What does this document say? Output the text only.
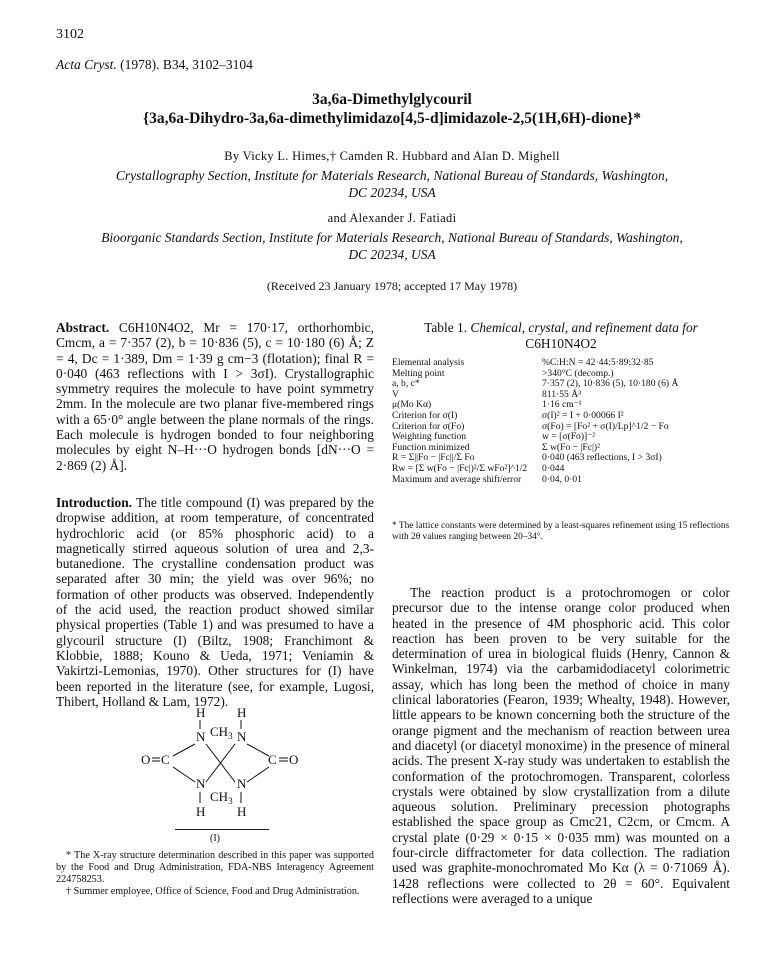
3102
Acta Cryst. (1978). B34, 3102–3104
3a,6a-Dimethylglycouril
{3a,6a-Dihydro-3a,6a-dimethylimidazo[4,5-d]imidazole-2,5(1H,6H)-dione}*
By Vicky L. Himes,† Camden R. Hubbard and Alan D. Mighell
Crystallography Section, Institute for Materials Research, National Bureau of Standards, Washington,
DC 20234, USA
and Alexander J. Fatiadi
Bioorganic Standards Section, Institute for Materials Research, National Bureau of Standards, Washington,
DC 20234, USA
(Received 23 January 1978; accepted 17 May 1978)

Abstract. C6H10N4O2, Mr = 170·17, orthorhombic, Cmcm, a = 7·357 (2), b = 10·836 (5), c = 10·180 (6) Å; Z = 4, Dc = 1·389, Dm = 1·39 g cm−3 (flotation); final R = 0·040 (463 reflections with I > 3σI). Crystallographic symmetry requires the molecule to have point symmetry 2mm. In the molecule are two planar five-membered rings with a 65·0° angle between the plane normals of the rings. Each molecule is hydrogen bonded to four neighboring molecules by eight N–H···O hydrogen bonds [dN···O = 2·869 (2) Å].

Introduction. The title compound (I) was prepared by the dropwise addition, at room temperature, of concentrated hydrochloric acid (or 85% phosphoric acid) to a magnetically stirred aqueous solution of urea and 2,3-butanedione. The crystalline condensation product was separated after 30 min; the yield was over 96%; no formation of other products was observed. Independently of the acid used, the reaction product showed similar physical properties (Table 1) and was presumed to have a glycouril structure (I) (Biltz, 1908; Franchimont & Klobbie, 1888; Kouno & Ueda, 1971; Veniamin & Vakirtzi-Lemonias, 1970). Other structures for (I) have been reported in the literature (see, for example, Lugosi, Thibert, Holland & Lam, 1972).

H H
N $CH_3$ N
O C	C O
N N
$CH_3$
H H
(I)
* The X-ray structure determination described in this paper was supported by the Food and Drug Administration, FDA-NBS Interagency Agreement 224758253.
† Summer employee, Office of Science, Food and Drug Administration.
Table 1. Chemical, crystal, and refinement data for
C6H10N4O2
Elemental analysis	%C:H:N = 42·44:5·89:32·85
Melting point	>340°C (decomp.)
a, b, c*	7·357 (2), 10·836 (5), 10·180 (6) Å
V	811·55 Å³
μ(Mo Kα)	1·16 cm⁻¹
Criterion for σ(I)	σ(I)² = I + 0·00066 I²
Criterion for σ(Fo)	σ(Fo) = [Fo² + σ(I)/Lp]^1/2 − Fo
Weighting function	w = [σ(Fo)]⁻²
Function minimized	Σ w(Fo − |Fc|)²
R = Σ||Fo − |Fc||/Σ Fo	0·040 (463 reflections, I > 3σI)
Rw = [Σ w(Fo − |Fc|)²/Σ wFo²]^1/2	0·044
Maximum and average shift/error	0·04, 0·01
* The lattice constants were determined by a least-squares refinement using 15 reflections with 2θ values ranging between 20–34°.

The reaction product is a protochromogen or color precursor due to the intense orange color produced when heated in the presence of 4M phosphoric acid. This color reaction has been proven to be very suitable for the determination of urea in biological fluids (Henry, Cannon & Winkelman, 1974) via the carbamidodiacetyl colorimetric assay, which has long been the method of choice in many clinical laboratories (Fearon, 1939; Whealty, 1948). However, little appears to be known concerning both the structure of the orange pigment and the mechanism of reaction between urea and diacetyl (or diacetyl monoxime) in the presence of mineral acids. The present X-ray study was undertaken to establish the conformation of the protochromogen. Transparent, colorless crystals were obtained by slow crystallization from a dilute aqueous solution. Preliminary precession photographs established the space group as Cmc21, C2cm, or Cmcm. A crystal plate (0·29 × 0·15 × 0·035 mm) was mounted on a four-circle diffractometer for data collection. The radiation used was graphite-monochromated Mo Kα (λ = 0·71069 Å). 1428 reflections were collected to 2θ = 60°. Equivalent reflections were averaged to a unique
